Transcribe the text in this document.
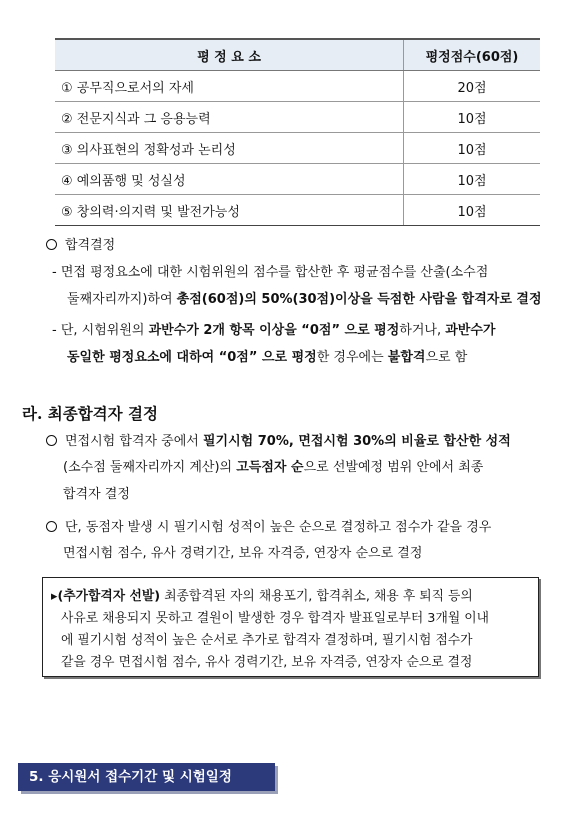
평 정 요 소	평정점수(60점)
① 공무직으로서의 자세	20점
② 전문지식과 그 응용능력	10점
③ 의사표현의 정확성과 논리성	10점
④ 예의품행 및 성실성	10점
⑤ 창의력·의지력 및 발전가능성	10점
합격결정
- 면접 평정요소에 대한 시험위원의 점수를 합산한 후 평균점수를 산출(소수점
둘째자리까지)하여 총점(60점)의 50%(30점)이상을 득점한 사람을 합격자로 결정
- 단, 시험위원의 과반수가 2개 항목 이상을 “0점” 으로 평정하거나, 과반수가
동일한 평정요소에 대하여 “0점” 으로 평정한 경우에는 불합격으로 함
라. 최종합격자 결정
면접시험 합격자 중에서 필기시험 70%, 면접시험 30%의 비율로 합산한 성적
(소수점 둘째자리까지 계산)의 고득점자 순으로 선발예정 범위 안에서 최종
합격자 결정
단, 동점자 발생 시 필기시험 성적이 높은 순으로 결정하고 점수가 같을 경우
면접시험 점수, 유사 경력기간, 보유 자격증, 연장자 순으로 결정
▸(추가합격자 선발) 최종합격된 자의 채용포기, 합격취소, 채용 후 퇴직 등의
사유로 채용되지 못하고 결원이 발생한 경우 합격자 발표일로부터 3개월 이내
에 필기시험 성적이 높은 순서로 추가로 합격자 결정하며, 필기시험 점수가
같을 경우 면접시험 점수, 유사 경력기간, 보유 자격증, 연장자 순으로 결정
5. 응시원서 접수기간 및 시험일정
